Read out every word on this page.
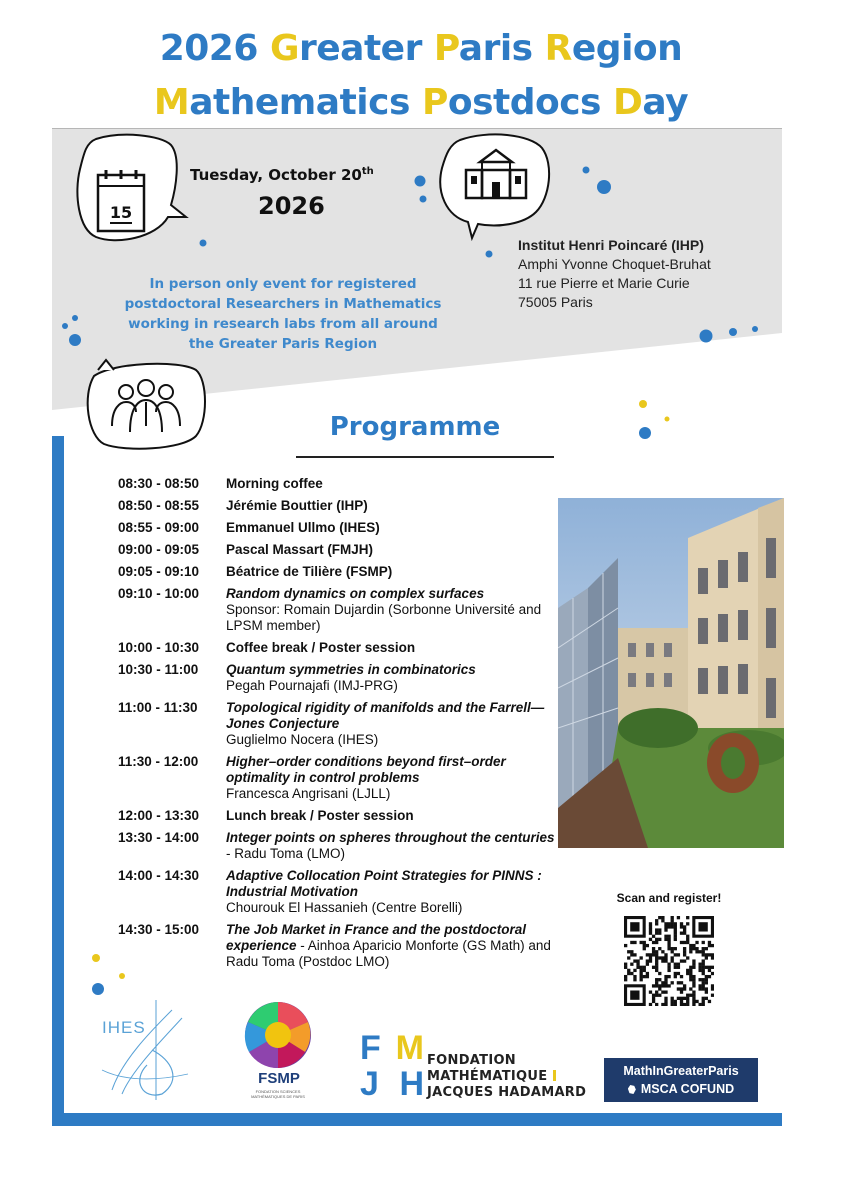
2026 Greater Paris Region
Mathematics Postdocs Day
15
Tuesday, October 20th
2026
Institut Henri Poincaré (IHP)
Amphi Yvonne Choquet-Bruhat
11 rue Pierre et Marie Curie
75005 Paris
In person only event for registered postdoctoral Researchers in Mathematics working in research labs from all around the Greater Paris Region
Programme
08:30 - 08:50	Morning coffee
08:50 - 08:55	Jérémie Bouttier (IHP)
08:55 - 09:00	Emmanuel Ullmo (IHES)
09:00 - 09:05	Pascal Massart (FMJH)
09:05 - 09:10	Béatrice de Tilière (FSMP)
09:10 - 10:00	Random dynamics on complex surfaces
Sponsor: Romain Dujardin (Sorbonne Université and LPSM member)
10:00 - 10:30	Coffee break / Poster session
10:30 - 11:00	Quantum symmetries in combinatorics
Pegah Pournajafi (IMJ-PRG)
11:00 - 11:30	Topological rigidity of manifolds and the Farrell—Jones Conjecture
Guglielmo Nocera (IHES)
11:30 - 12:00	Higher–order conditions beyond first–order optimality in control problems
Francesca Angrisani (LJLL)
12:00 - 13:30	Lunch break / Poster session
13:30 - 14:00	Integer points on spheres throughout the centuries - Radu Toma (LMO)
14:00 - 14:30	Adaptive Collocation Point Strategies for PINNS : Industrial Motivation
Chourouk El Hassanieh (Centre Borelli)
14:30 - 15:00	The Job Market in France and the postdoctoral experience - Ainhoa Aparicio Monforte (GS Math) and Radu Toma (Postdoc LMO)
Scan and register!
IHES
FSMP
FONDATION SCIENCES MATHÉMATIQUES DE PARIS
F M
J H
FONDATION
MATHÉMATIQUE
JACQUES HADAMARD
MathInGreaterParis
MSCA COFUND
